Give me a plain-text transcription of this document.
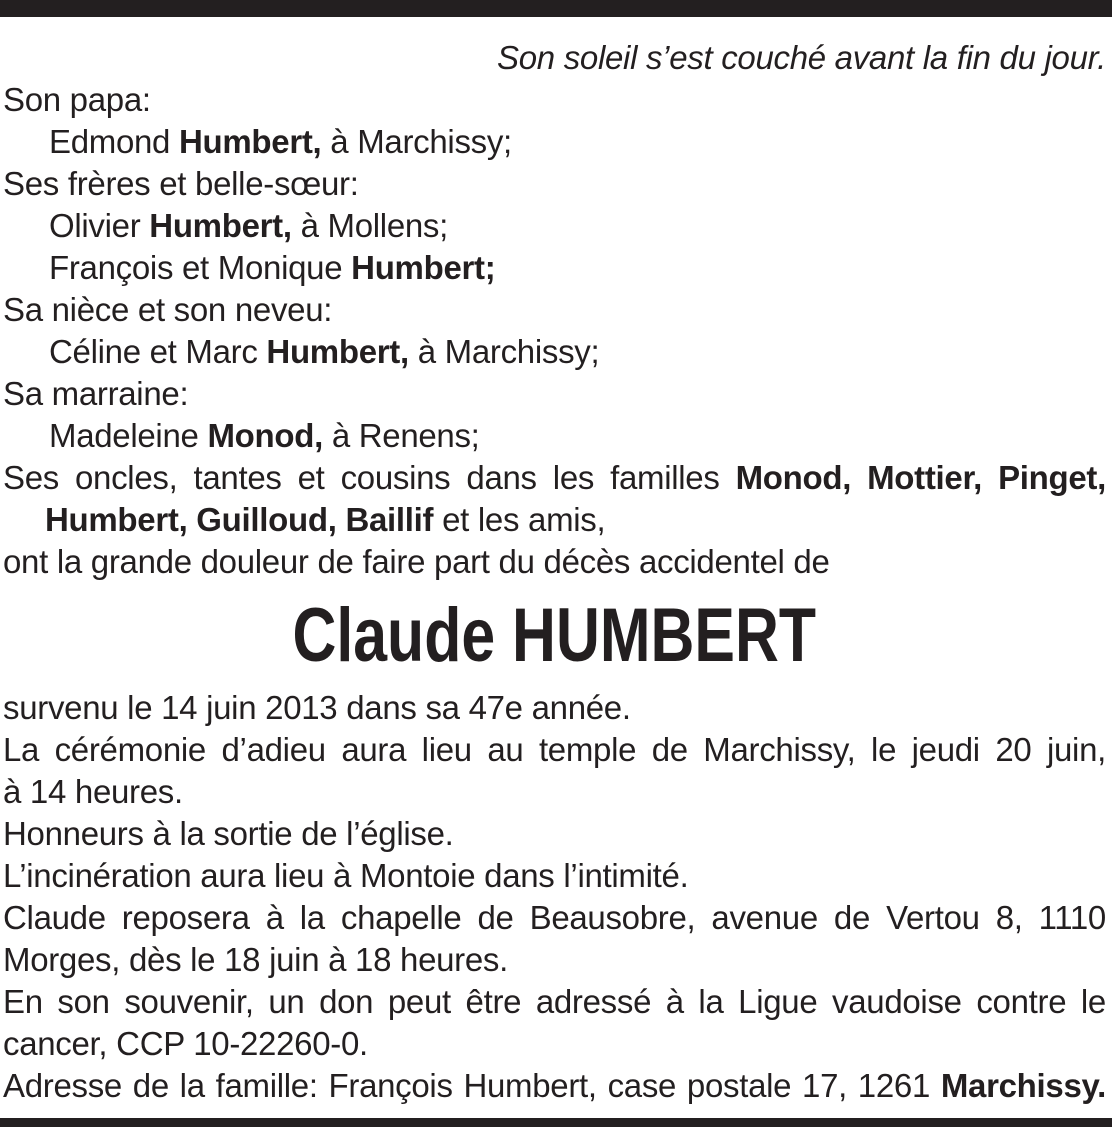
Son soleil s’est couché avant la fin du jour.

Son papa:

Edmond Humbert, à Marchissy;

Ses frères et belle-sœur:

Olivier Humbert, à Mollens;

François et Monique Humbert;

Sa nièce et son neveu:

Céline et Marc Humbert, à Marchissy;

Sa marraine:

Madeleine Monod, à Renens;

Ses oncles, tantes et cousins dans les familles Monod, Mottier, Pinget,

Humbert, Guilloud, Baillif et les amis,

ont la grande douleur de faire part du décès accidentel de

Claude HUMBERT

survenu le 14 juin 2013 dans sa 47e année.

La cérémonie d’adieu aura lieu au temple de Marchissy, le jeudi 20 juin,

à 14 heures.

Honneurs à la sortie de l’église.

L’incinération aura lieu à Montoie dans l’intimité.

Claude reposera à la chapelle de Beausobre, avenue de Vertou 8, 1110

Morges, dès le 18 juin à 18 heures.

En son souvenir, un don peut être adressé à la Ligue vaudoise contre le

cancer, CCP 10-22260-0.

Adresse de la famille: François Humbert, case postale 17, 1261 Marchissy.
